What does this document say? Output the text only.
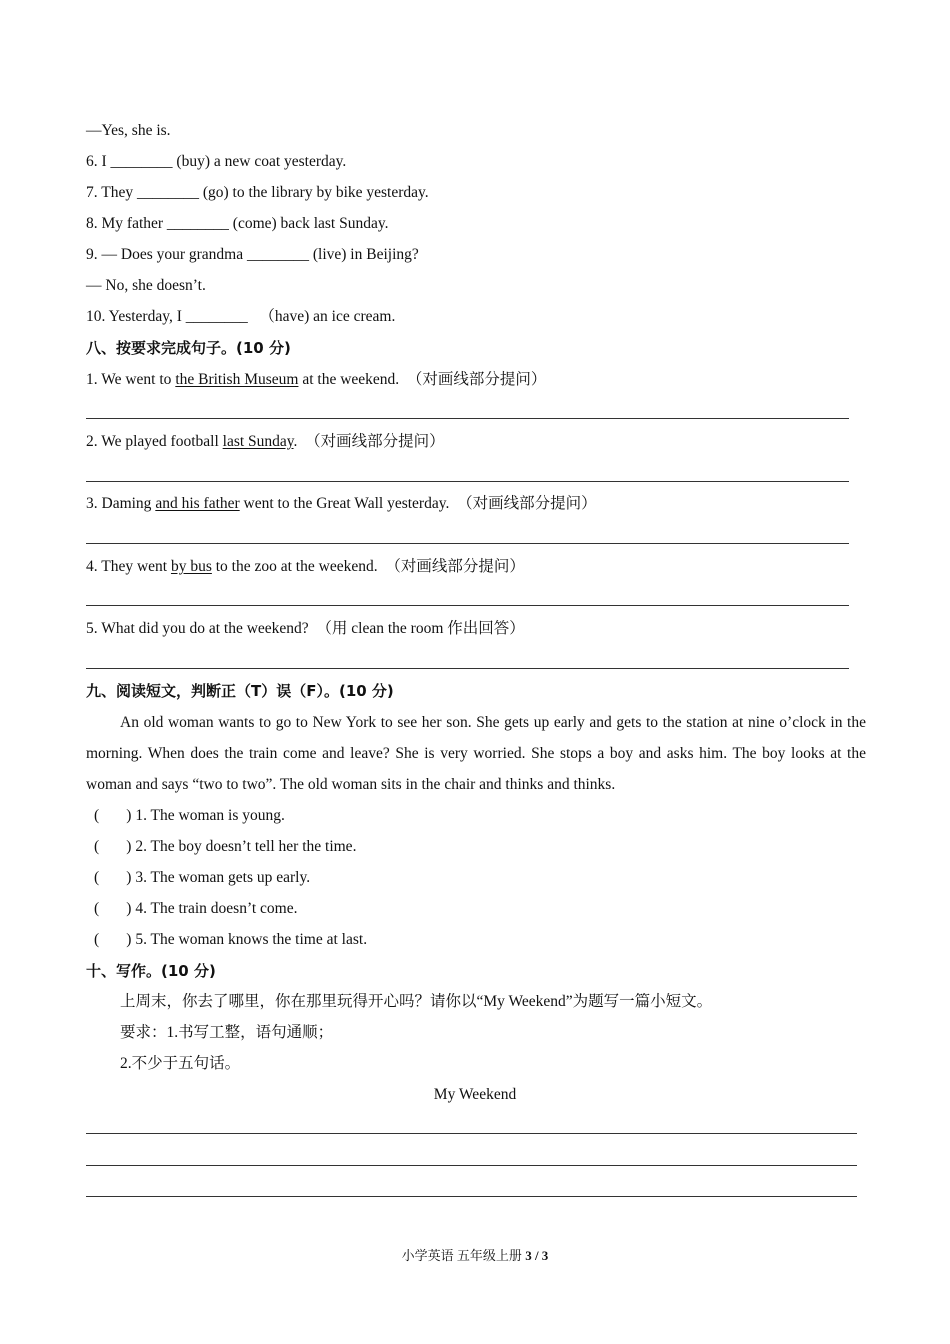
—Yes, she is.
6. I ________ (buy) a new coat yesterday.
7. They ________ (go) to the library by bike yesterday.
8. My father ________ (come) back last Sunday.
9. — Does your grandma ________ (live) in Beijing?
— No, she doesn’t.
10. Yesterday, I ________   （have) an ice cream.
八、按要求完成句子。(10 分)
1. We went to the British Museum at the weekend.  （对画线部分提问）
2. We played football last Sunday.  （对画线部分提问）
3. Daming and his father went to the Great Wall yesterday.  （对画线部分提问）
4. They went by bus to the zoo at the weekend.  （对画线部分提问）
5. What did you do at the weekend?  （用 clean the room 作出回答）
九、阅读短文，判断正（T）误（F）。(10 分)
An old woman wants to go to New York to see her son. She gets up early and gets to the station at nine o’clock in the morning. When does the train come and leave? She is very worried. She stops a boy and asks him. The boy looks at the woman and says “two to two”. The old woman sits in the chair and thinks and thinks.
(       ) 1. The woman is young.
(       ) 2. The boy doesn’t tell her the time.
(       ) 3. The woman gets up early.
(       ) 4. The train doesn’t come.
(       ) 5. The woman knows the time at last.
十、写作。(10 分)
上周末，你去了哪里，你在那里玩得开心吗？请你以“My Weekend”为题写一篇小短文。
要求：1.书写工整，语句通顺；
2.不少于五句话。
My Weekend
小学英语 五年级上册 3 / 3
